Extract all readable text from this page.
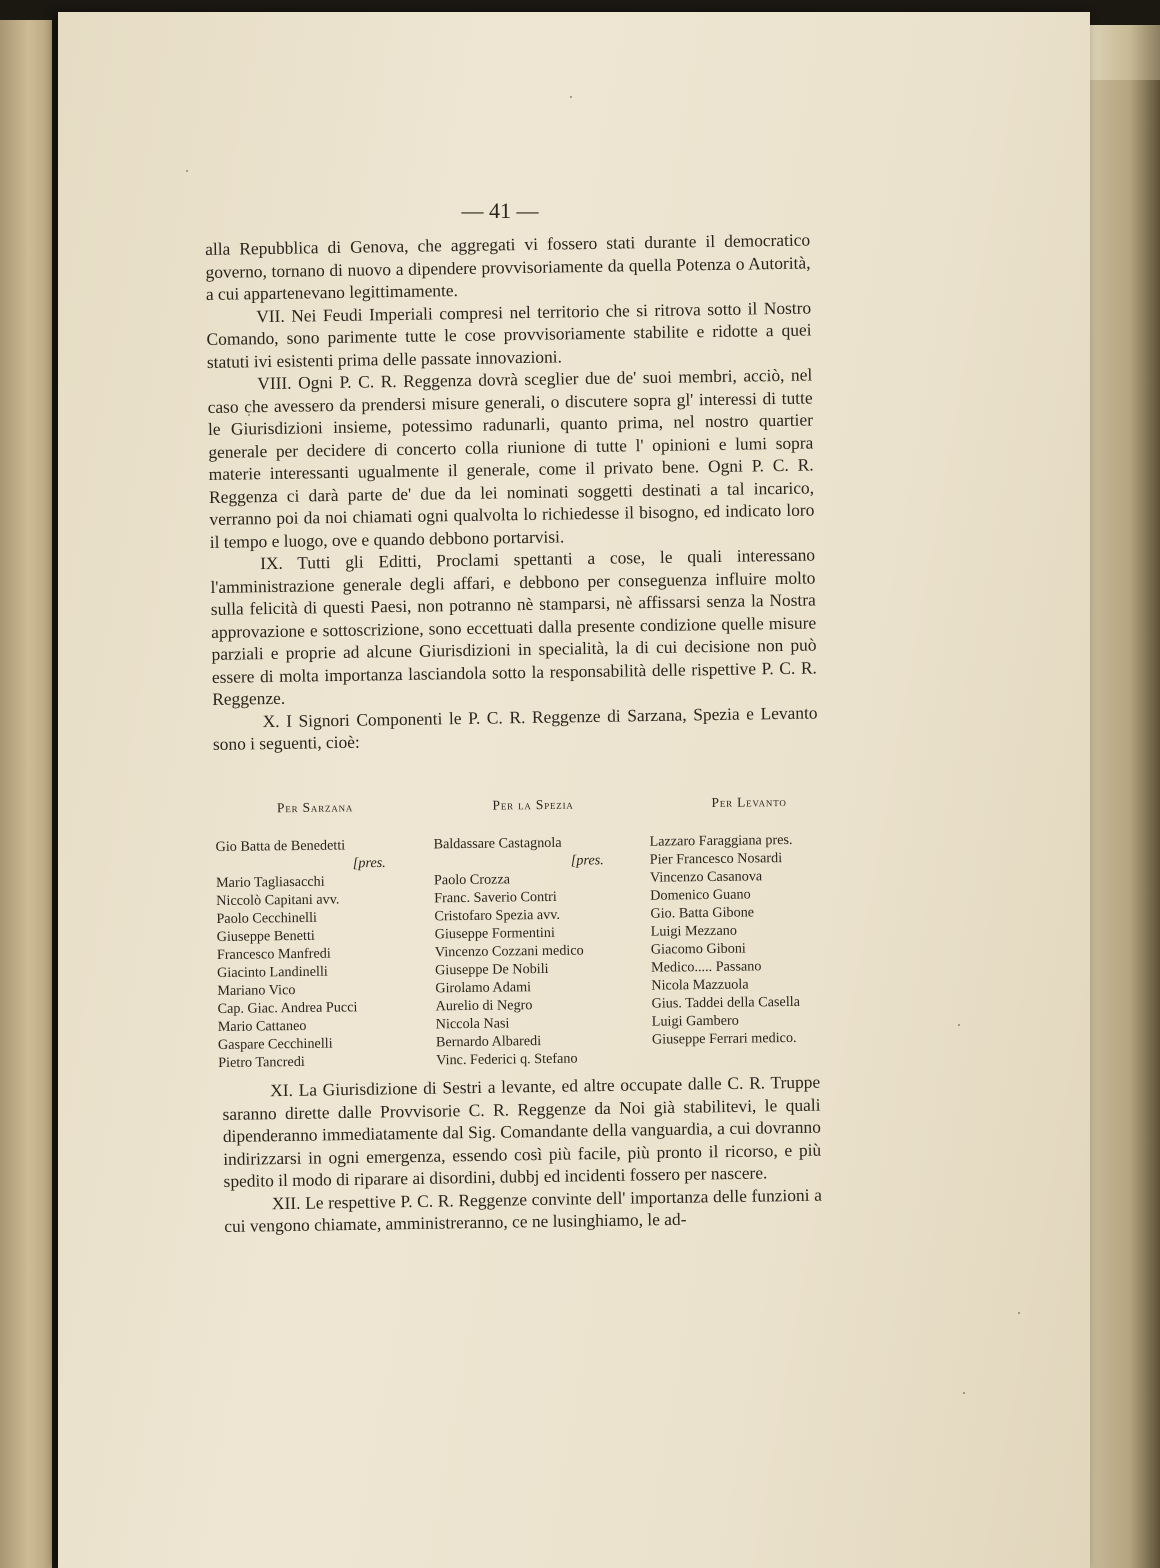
— 41 —

alla Repubblica di Genova, che aggregati vi fossero stati durante il democratico governo, tornano di nuovo a dipendere provvisoriamente da quella Potenza o Autorità, a cui appartenevano legittimamente.

VII. Nei Feudi Imperiali compresi nel territorio che si ritrova sotto il Nostro Comando, sono parimente tutte le cose provvisoriamente stabilite e ridotte a quei statuti ivi esistenti prima delle passate innovazioni.

VIII. Ogni P. C. R. Reggenza dovrà sceglier due de' suoi membri, acciò, nel caso che avessero da prendersi misure generali, o discutere sopra gl' interessi di tutte le Giurisdizioni insieme, potessimo radunarli, quanto prima, nel nostro quartier generale per decidere di concerto colla riunione di tutte l' opinioni e lumi sopra materie interessanti ugualmente il generale, come il privato bene. Ogni P. C. R. Reggenza ci darà parte de' due da lei nominati soggetti destinati a tal incarico, verranno poi da noi chiamati ogni qualvolta lo richiedesse il bisogno, ed indicato loro il tempo e luogo, ove e quando debbono portarvisi.

IX. Tutti gli Editti, Proclami spettanti a cose, le quali interessano l'amministrazione generale degli affari, e debbono per conseguenza influire molto sulla felicità di questi Paesi, non potranno nè stamparsi, nè affissarsi senza la Nostra approvazione e sottoscrizione, sono eccettuati dalla presente condizione quelle misure parziali e proprie ad alcune Giurisdizioni in specialità, la di cui decisione non può essere di molta importanza lasciandola sotto la responsabilità delle rispettive P. C. R. Reggenze.

X. I Signori Componenti le P. C. R. Reggenze di Sarzana, Spezia e Levanto sono i seguenti, cioè:

Per Sarzana
Gio Batta de Benedetti
[pres.
Mario Tagliasacchi
Niccolò Capitani avv.
Paolo Cecchinelli
Giuseppe Benetti
Francesco Manfredi
Giacinto Landinelli
Mariano Vico
Cap. Giac. Andrea Pucci
Mario Cattaneo
Gaspare Cecchinelli
Pietro Tancredi
Per la Spezia
Baldassare Castagnola
[pres.
Paolo Crozza
Franc. Saverio Contri
Cristofaro Spezia avv.
Giuseppe Formentini
Vincenzo Cozzani medico
Giuseppe De Nobili
Girolamo Adami
Aurelio di Negro
Niccola Nasi
Bernardo Albaredi
Vinc. Federici q. Stefano
Per Levanto
Lazzaro Faraggiana pres.
Pier Francesco Nosardi
Vincenzo Casanova
Domenico Guano
Gio. Batta Gibone
Luigi Mezzano
Giacomo Giboni
Medico..... Passano
Nicola Mazzuola
Gius. Taddei della Casella
Luigi Gambero
Giuseppe Ferrari medico.

XI. La Giurisdizione di Sestri a levante, ed altre occupate dalle C. R. Truppe saranno dirette dalle Provvisorie C. R. Reggenze da Noi già stabilitevi, le quali dipenderanno immediatamente dal Sig. Comandante della vanguardia, a cui dovranno indirizzarsi in ogni emergenza, essendo così più facile, più pronto il ricorso, e più spedito il modo di riparare ai disordini, dubbj ed incidenti fossero per nascere.

XII. Le respettive P. C. R. Reggenze convinte dell' importanza delle funzioni a cui vengono chiamate, amministreranno, ce ne lusinghiamo, le ad-
